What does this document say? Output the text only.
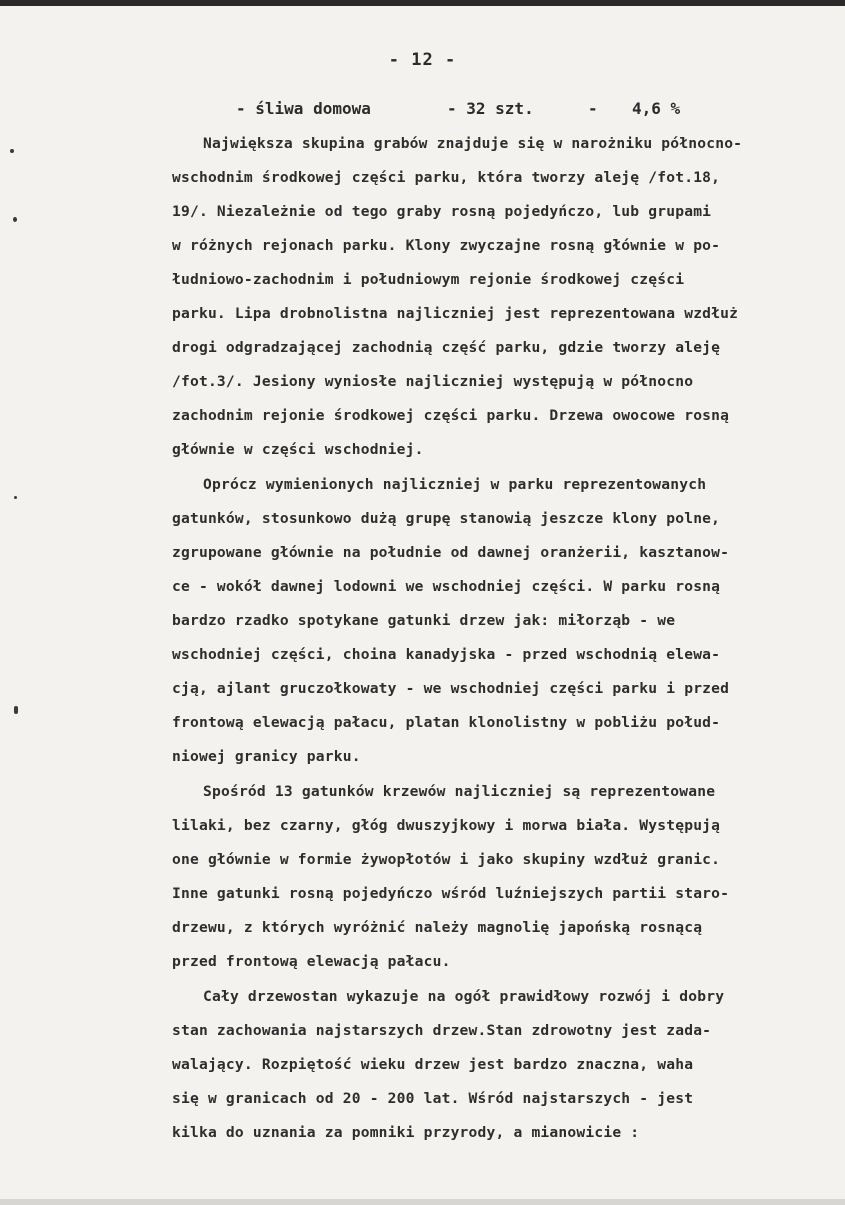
- 12 -
- śliwa domowa	- 32 szt.	- 4,6 %
Największa skupina grabów znajduje się w narożniku północno-
wschodnim środkowej części parku, która tworzy aleję /fot.18,
19/. Niezależnie od tego graby rosną pojedyńczo, lub grupami
w różnych rejonach parku. Klony zwyczajne rosną głównie w po-
łudniowo-zachodnim i południowym rejonie środkowej części
parku. Lipa drobnolistna najliczniej jest reprezentowana wzdłuż
drogi odgradzającej zachodnią część parku, gdzie tworzy aleję
/fot.3/. Jesiony wyniosłe najliczniej występują w północno
zachodnim rejonie środkowej części parku. Drzewa owocowe rosną
głównie w części wschodniej.
Oprócz wymienionych najliczniej w parku reprezentowanych
gatunków, stosunkowo dużą grupę stanowią jeszcze klony polne,
zgrupowane głównie na południe od dawnej oranżerii, kasztanow-
ce - wokół dawnej lodowni we wschodniej części. W parku rosną
bardzo rzadko spotykane gatunki drzew jak: miłorząb - we
wschodniej części, choina kanadyjska - przed wschodnią elewa-
cją, ajlant gruczołkowaty - we wschodniej części parku i przed
frontową elewacją pałacu, platan klonolistny w pobliżu połud-
niowej granicy parku.
Spośród 13 gatunków krzewów najliczniej są reprezentowane
lilaki, bez czarny, głóg dwuszyjkowy i morwa biała. Występują
one głównie w formie żywopłotów i jako skupiny wzdłuż granic.
Inne gatunki rosną pojedyńczo wśród luźniejszych partii staro-
drzewu, z których wyróżnić należy magnolię japońską rosnącą
przed frontową elewacją pałacu.
Cały drzewostan wykazuje na ogół prawidłowy rozwój i dobry
stan zachowania najstarszych drzew.Stan zdrowotny jest zada-
walający. Rozpiętość wieku drzew jest bardzo znaczna, waha
się w granicach od 20 - 200 lat. Wśród najstarszych - jest
kilka do uznania za pomniki przyrody, a mianowicie :
